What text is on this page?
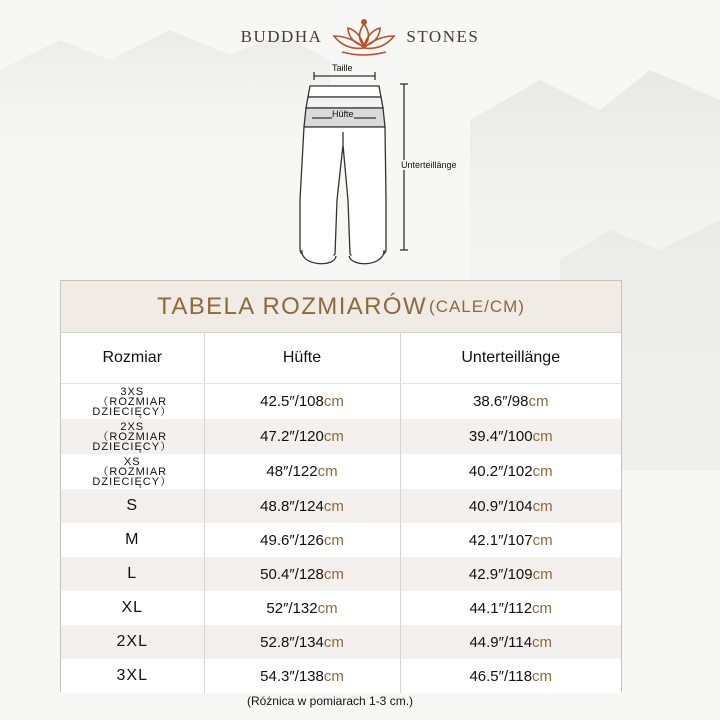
BUDDHA	STONES
Taille
Hüfte
Unterteillänge
TABELA ROZMIARÓW (CALE/CM)
Rozmiar	Hüfte	Unterteillänge

3XS
（ROZMIAR
DZIECIĘCY）	42.5″/108cm	38.6″/98cm

2XS
（ROZMIAR
DZIECIĘCY）	47.2″/120cm	39.4″/100cm

XS
（ROZMIAR
DZIECIĘCY）	48″/122cm	40.2″/102cm
S	48.8″/124cm	40.9″/104cm
M	49.6″/126cm	42.1″/107cm
L	50.4″/128cm	42.9″/109cm
XL	52″/132cm	44.1″/112cm
2XL	52.8″/134cm	44.9″/114cm
3XL	54.3″/138cm	46.5″/118cm
(Różnica w pomiarach 1-3 cm.)
